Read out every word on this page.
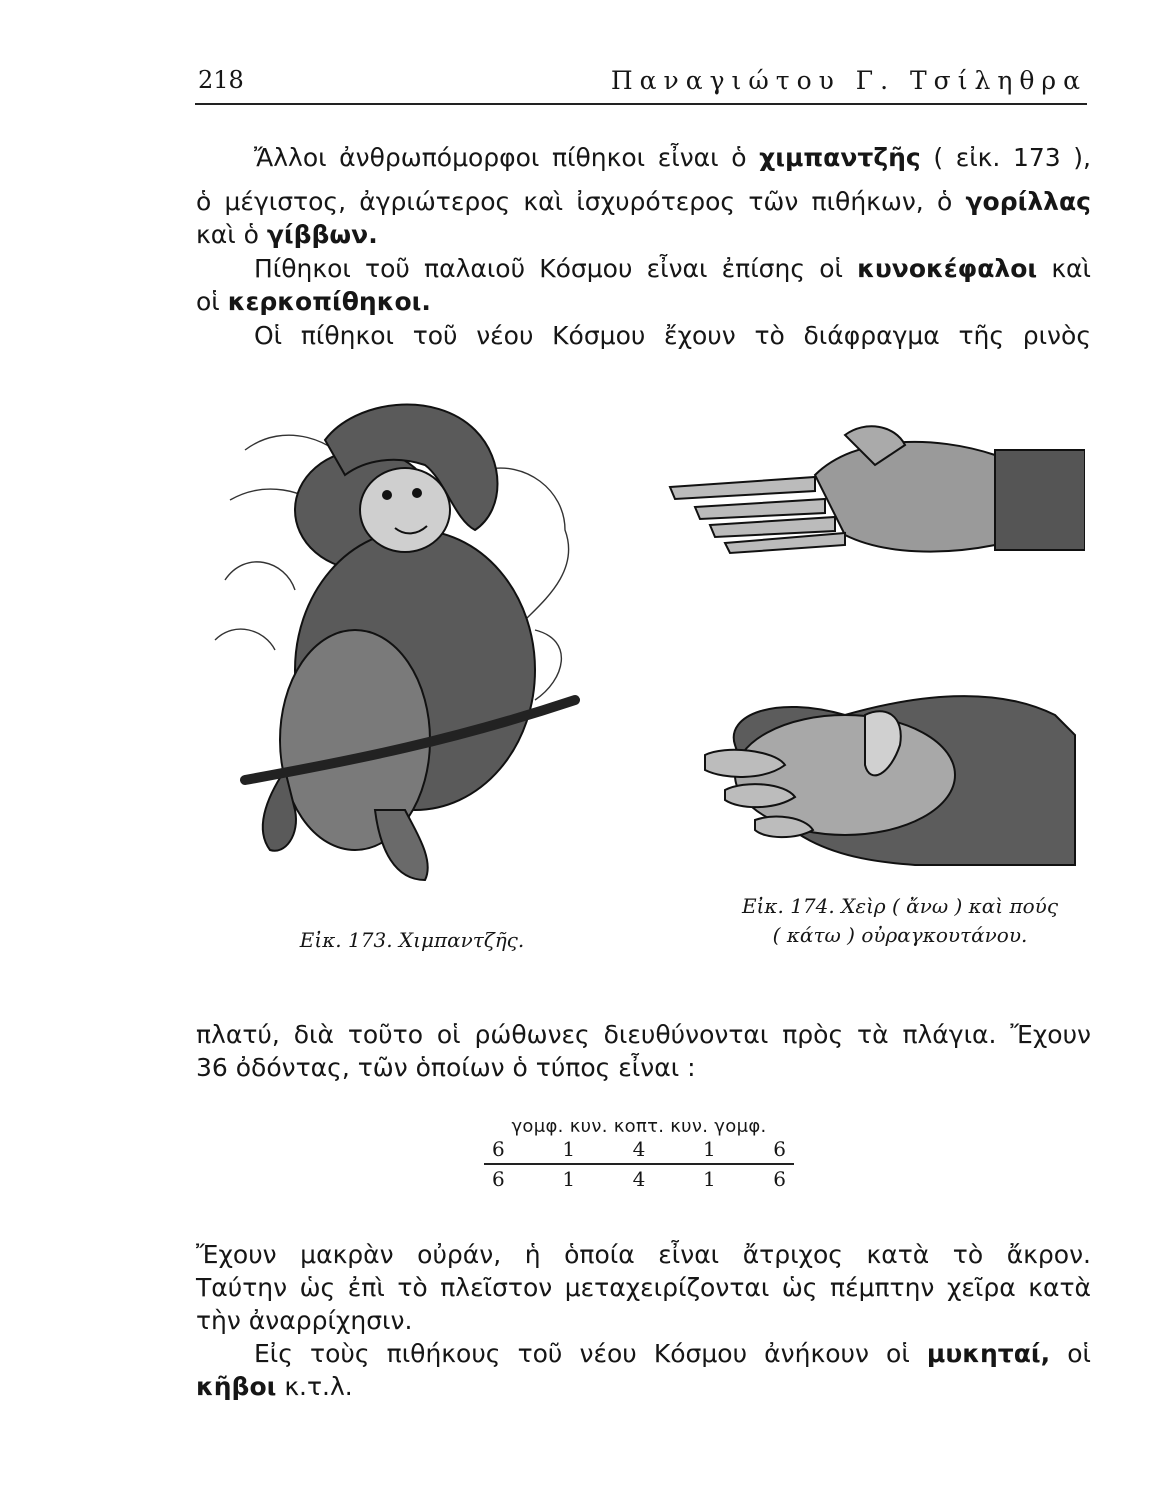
218	Παναγιώτου Γ. Τσίληθρα

Ἄλλοι ἀνθρωπόμορφοι πίθηκοι εἶναι ὁ χιμπαντζῆς ( εἰκ. 173 ),

ὁ μέγιστος, ἀγριώτερος καὶ ἰσχυρότερος τῶν πιθήκων, ὁ γορίλλας

καὶ ὁ γίββων.

Πίθηκοι τοῦ παλαιοῦ Κόσμου εἶναι ἐπίσης οἱ κυνοκέφαλοι καὶ

οἱ κερκοπίθηκοι.

Οἱ πίθηκοι τοῦ νέου Κόσμου ἔχουν τὸ διάφραγμα τῆς ρινὸς

Εἰκ. 173. Χιμπαντζῆς.
Εἰκ. 174. Χεὶρ ( ἄνω ) καὶ πούς
( κάτω ) οὐραγκουτάνου.

πλατύ, διὰ τοῦτο οἱ ρώθωνες διευθύνονται πρὸς τὰ πλάγια. Ἔχουν

36 ὀδόντας, τῶν ὁποίων ὁ τύπος εἶναι :

γομφ. κυν. κοπτ. κυν. γομφ.
6	1	4	1	6
6	1	4	1	6

Ἔχουν μακρὰν οὐράν, ἡ ὁποία εἶναι ἄτριχος κατὰ τὸ ἄκρον.

Ταύτην ὡς ἐπὶ τὸ πλεῖστον μεταχειρίζονται ὡς πέμπτην χεῖρα κατὰ

τὴν ἀναρρίχησιν.

Εἰς τοὺς πιθήκους τοῦ νέου Κόσμου ἀνήκουν οἱ μυκηταί, οἱ

κῆβοι κ.τ.λ.
